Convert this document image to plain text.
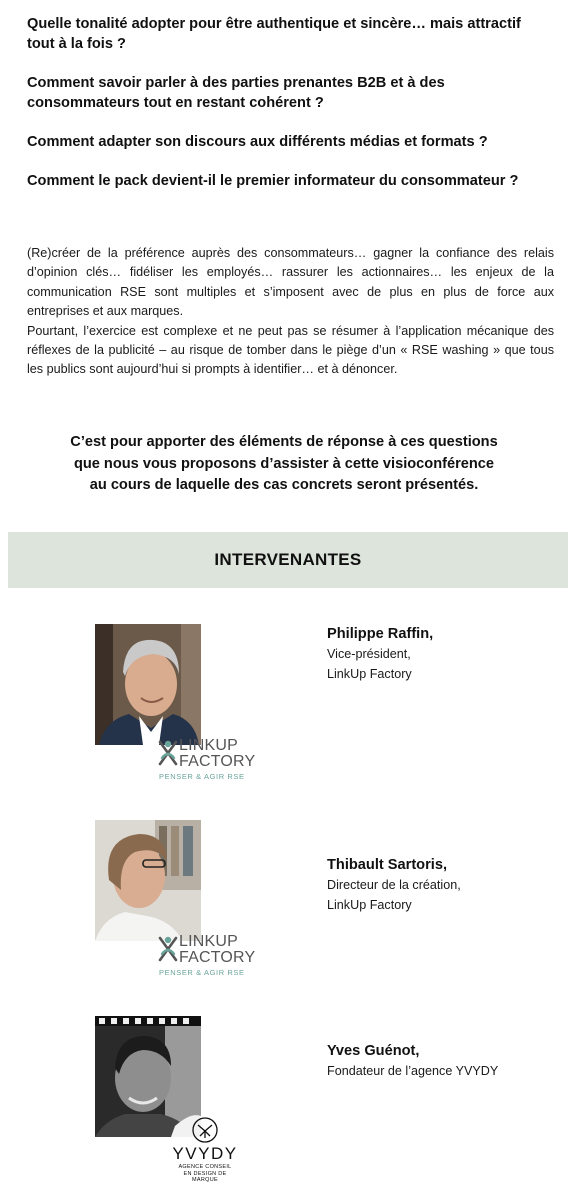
Quelle tonalité adopter pour être authentique et sincère… mais attractif tout à la fois ?
Comment savoir parler à des parties prenantes B2B et à des consommateurs tout en restant cohérent ?
Comment adapter son discours aux différents médias et formats ?
Comment le pack devient-il le premier informateur du consommateur ?

(Re)créer de la préférence auprès des consommateurs… gagner la confiance des relais d’opinion clés… fidéliser les employés… rassurer les actionnaires… les enjeux de la communication RSE sont multiples et s’imposent avec de plus en plus de force aux entreprises et aux marques.

Pourtant, l’exercice est complexe et ne peut pas se résumer à l’application mécanique des réflexes de la publicité – au risque de tomber dans le piège d’un « RSE washing » que tous les publics sont aujourd’hui si prompts à identifier… et à dénoncer.

C’est pour apporter des éléments de réponse à ces questions
que nous vous proposons d’assister à cette visioconférence
au cours de laquelle des cas concrets seront présentés.
INTERVENANTES
LINKUP
FACTORY
PENSER & AGIR RSE
Philippe Raffin,
Vice-président,
LinkUp Factory
LINKUP
FACTORY
PENSER & AGIR RSE
Thibault Sartoris,
Directeur de la création,
LinkUp Factory
YVYDY
AGENCE CONSEIL
EN DESIGN DE MARQUE
Yves Guénot,
Fondateur de l’agence YVYDY
